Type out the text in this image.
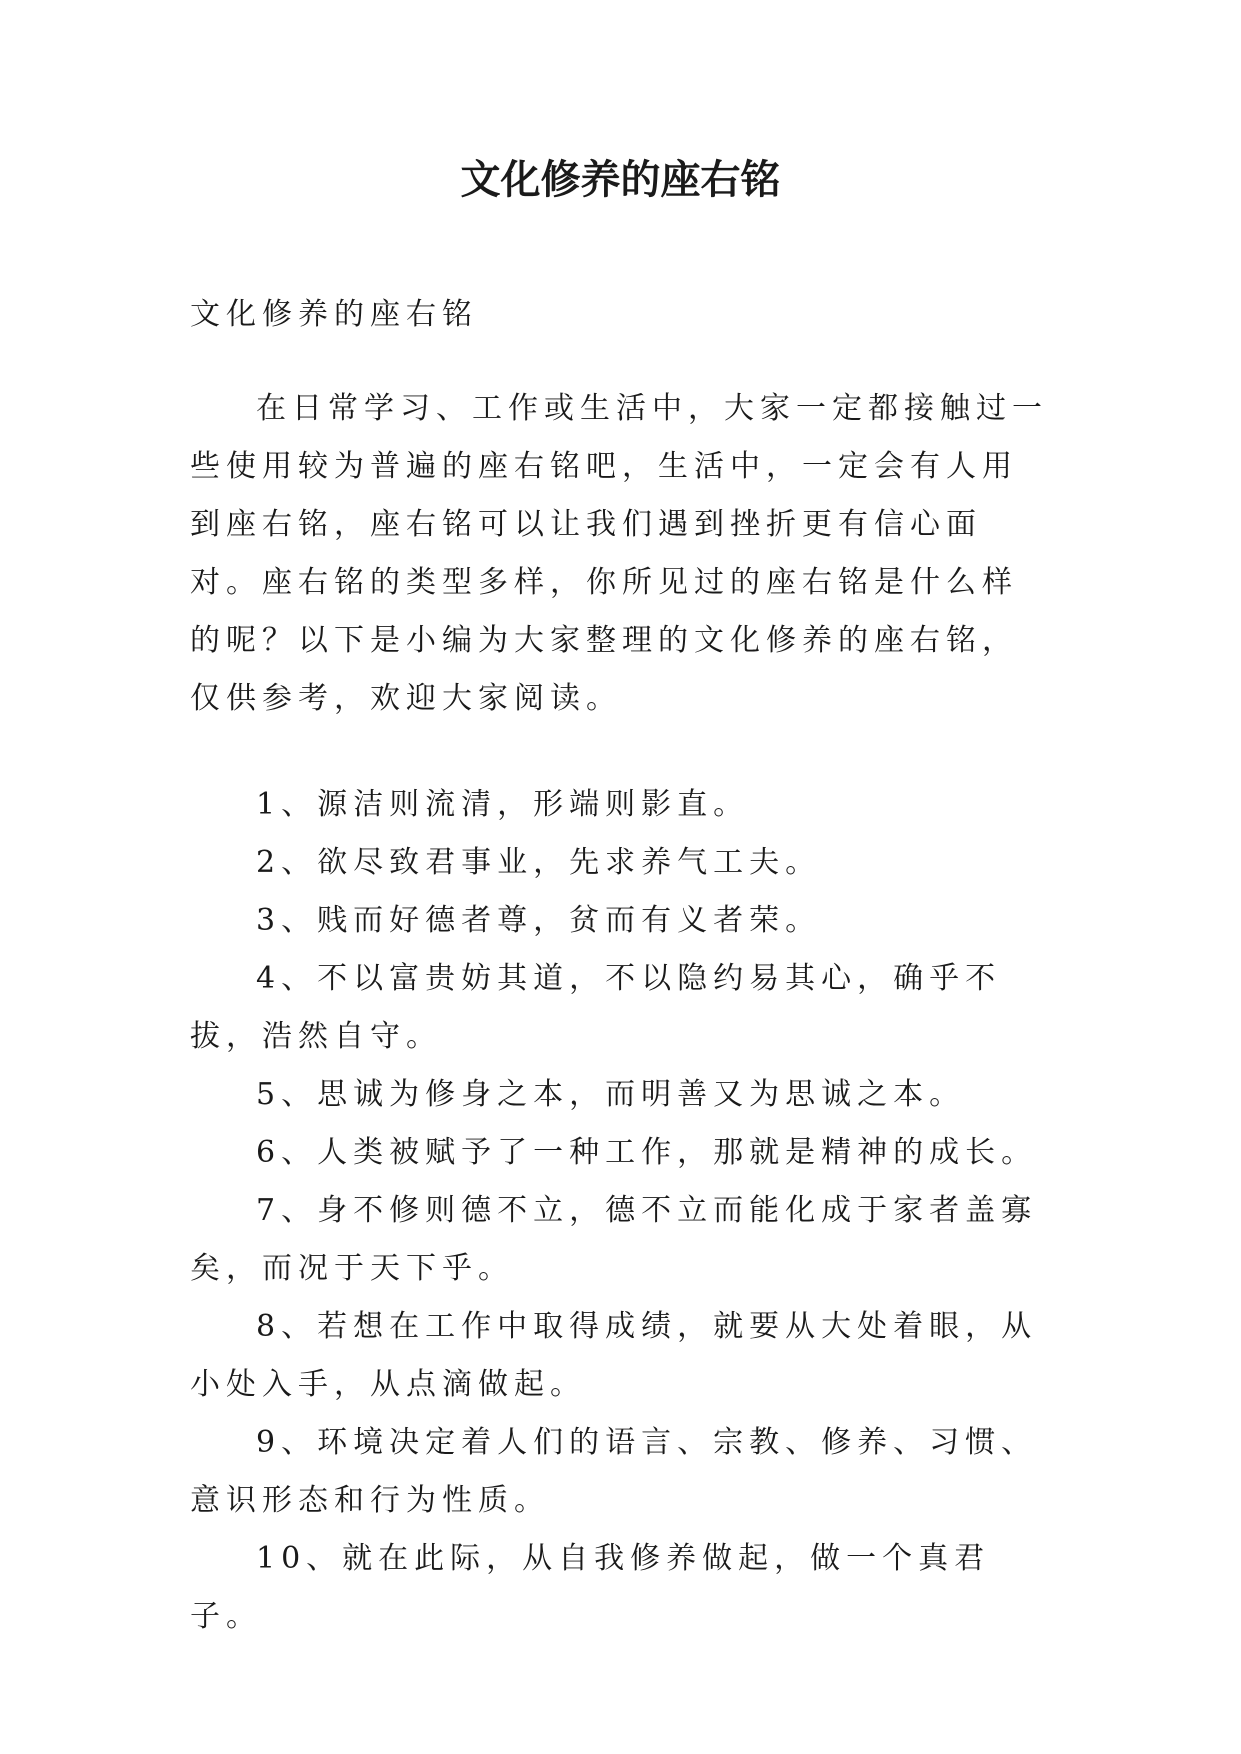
文化修养的座右铭

文化修养的座右铭

在日常学习、工作或生活中，大家一定都接触过一些使用较为普遍的座右铭吧，生活中，一定会有人用到座右铭，座右铭可以让我们遇到挫折更有信心面对。座右铭的类型多样，你所见过的座右铭是什么样的呢？以下是小编为大家整理的文化修养的座右铭，仅供参考，欢迎大家阅读。

1、源洁则流清，形端则影直。
2、欲尽致君事业，先求养气工夫。
3、贱而好德者尊，贫而有义者荣。
4、不以富贵妨其道，不以隐约易其心，确乎不拔，浩然自守。
5、思诚为修身之本，而明善又为思诚之本。
6、人类被赋予了一种工作，那就是精神的成长。
7、身不修则德不立，德不立而能化成于家者盖寡矣，而况于天下乎。
8、若想在工作中取得成绩，就要从大处着眼，从小处入手，从点滴做起。
9、环境决定着人们的语言、宗教、修养、习惯、意识形态和行为性质。
10、就在此际，从自我修养做起，做一个真君子。
